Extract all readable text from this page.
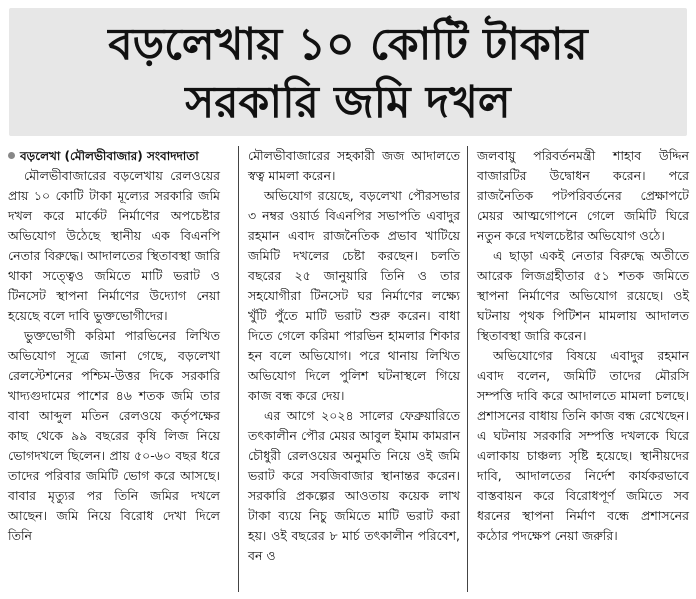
বড়লেখায় ১০ কোটি টাকার
সরকারি জমি দখল
বড়লেখা (মৌলভীবাজার) সংবাদদাতা

মৌলভীবাজারের বড়লেখায় রেলওয়ের প্রায় ১০ কোটি টাকা মূল্যের সরকারি জমি দখল করে মার্কেট নির্মাণের অপচেষ্টার অভিযোগ উঠেছে স্থানীয় এক বিএনপি নেতার বিরুদ্ধে। আদালতের স্থিতাবস্থা জারি থাকা সত্ত্বেও জমিতে মাটি ভরাট ও টিনসেট স্থাপনা নির্মাণের উদ্যোগ নেয়া হয়েছে বলে দাবি ভুক্তভোগীদের।

ভুক্তভোগী করিমা পারভিনের লিখিত অভিযোগ সূত্রে জানা গেছে, বড়লেখা রেলস্টেশনের পশ্চিম-উত্তর দিকে সরকারি খাদ্যগুদামের পাশের ৪৬ শতক জমি তার বাবা আব্দুল মতিন রেলওয়ে কর্তৃপক্ষের কাছ থেকে ৯৯ বছরের কৃষি লিজ নিয়ে ভোগদখলে ছিলেন। প্রায় ৫০-৬০ বছর ধরে তাদের পরিবার জমিটি ভোগ করে আসছে। বাবার মৃত্যুর পর তিনি জমির দখলে আছেন। জমি নিয়ে বিরোধ দেখা দিলে তিনি

মৌলভীবাজারের সহকারী জজ আদালতে স্বত্ব মামলা করেন।

অভিযোগ রয়েছে, বড়লেখা পৌরসভার ৩ নম্বর ওয়ার্ড বিএনপির সভাপতি এবাদুর রহমান এবাদ রাজনৈতিক প্রভাব খাটিয়ে জমিটি দখলের চেষ্টা করছেন। চলতি বছরের ২৫ জানুয়ারি তিনি ও তার সহযোগীরা টিনসেট ঘর নির্মাণের লক্ষ্যে খুঁটি পুঁতে মাটি ভরাট শুরু করেন। বাধা দিতে গেলে করিমা পারভিন হামলার শিকার হন বলে অভিযোগ। পরে থানায় লিখিত অভিযোগ দিলে পুলিশ ঘটনাস্থলে গিয়ে কাজ বন্ধ করে দেয়।

এর আগে ২০২৪ সালের ফেব্রুয়ারিতে তৎকালীন পৌর মেয়র আবুল ইমাম কামরান চৌধুরী রেলওয়ের অনুমতি নিয়ে ওই জমি ভরাট করে সবজিবাজার স্থানান্তর করেন। সরকারি প্রকল্পের আওতায় কয়েক লাখ টাকা ব্যয়ে নিচু জমিতে মাটি ভরাট করা হয়। ওই বছরের ৮ মার্চ তৎকালীন পরিবেশ, বন ও

জলবায়ু পরিবর্তনমন্ত্রী শাহাব উদ্দিন বাজারটির উদ্বোধন করেন। পরে রাজনৈতিক পটপরিবর্তনের প্রেক্ষাপটে মেয়র আত্মগোপনে গেলে জমিটি ঘিরে নতুন করে দখলচেষ্টার অভিযোগ ওঠে।

এ ছাড়া একই নেতার বিরুদ্ধে অতীতে আরেক লিজগ্রহীতার ৫১ শতক জমিতে স্থাপনা নির্মাণের অভিযোগ রয়েছে। ওই ঘটনায় পৃথক পিটিশন মামলায় আদালত স্থিতাবস্থা জারি করেন।

অভিযোগের বিষয়ে এবাদুর রহমান এবাদ বলেন, জমিটি তাদের মৌরসি সম্পত্তি দাবি করে আদালতে মামলা চলছে। প্রশাসনের বাধায় তিনি কাজ বন্ধ রেখেছেন। এ ঘটনায় সরকারি সম্পত্তি দখলকে ঘিরে এলাকায় চাঞ্চল্য সৃষ্টি হয়েছে। স্থানীয়দের দাবি, আদালতের নির্দেশ কার্যকরভাবে বাস্তবায়ন করে বিরোধপূর্ণ জমিতে সব ধরনের স্থাপনা নির্মাণ বন্ধে প্রশাসনের কঠোর পদক্ষেপ নেয়া জরুরি।
